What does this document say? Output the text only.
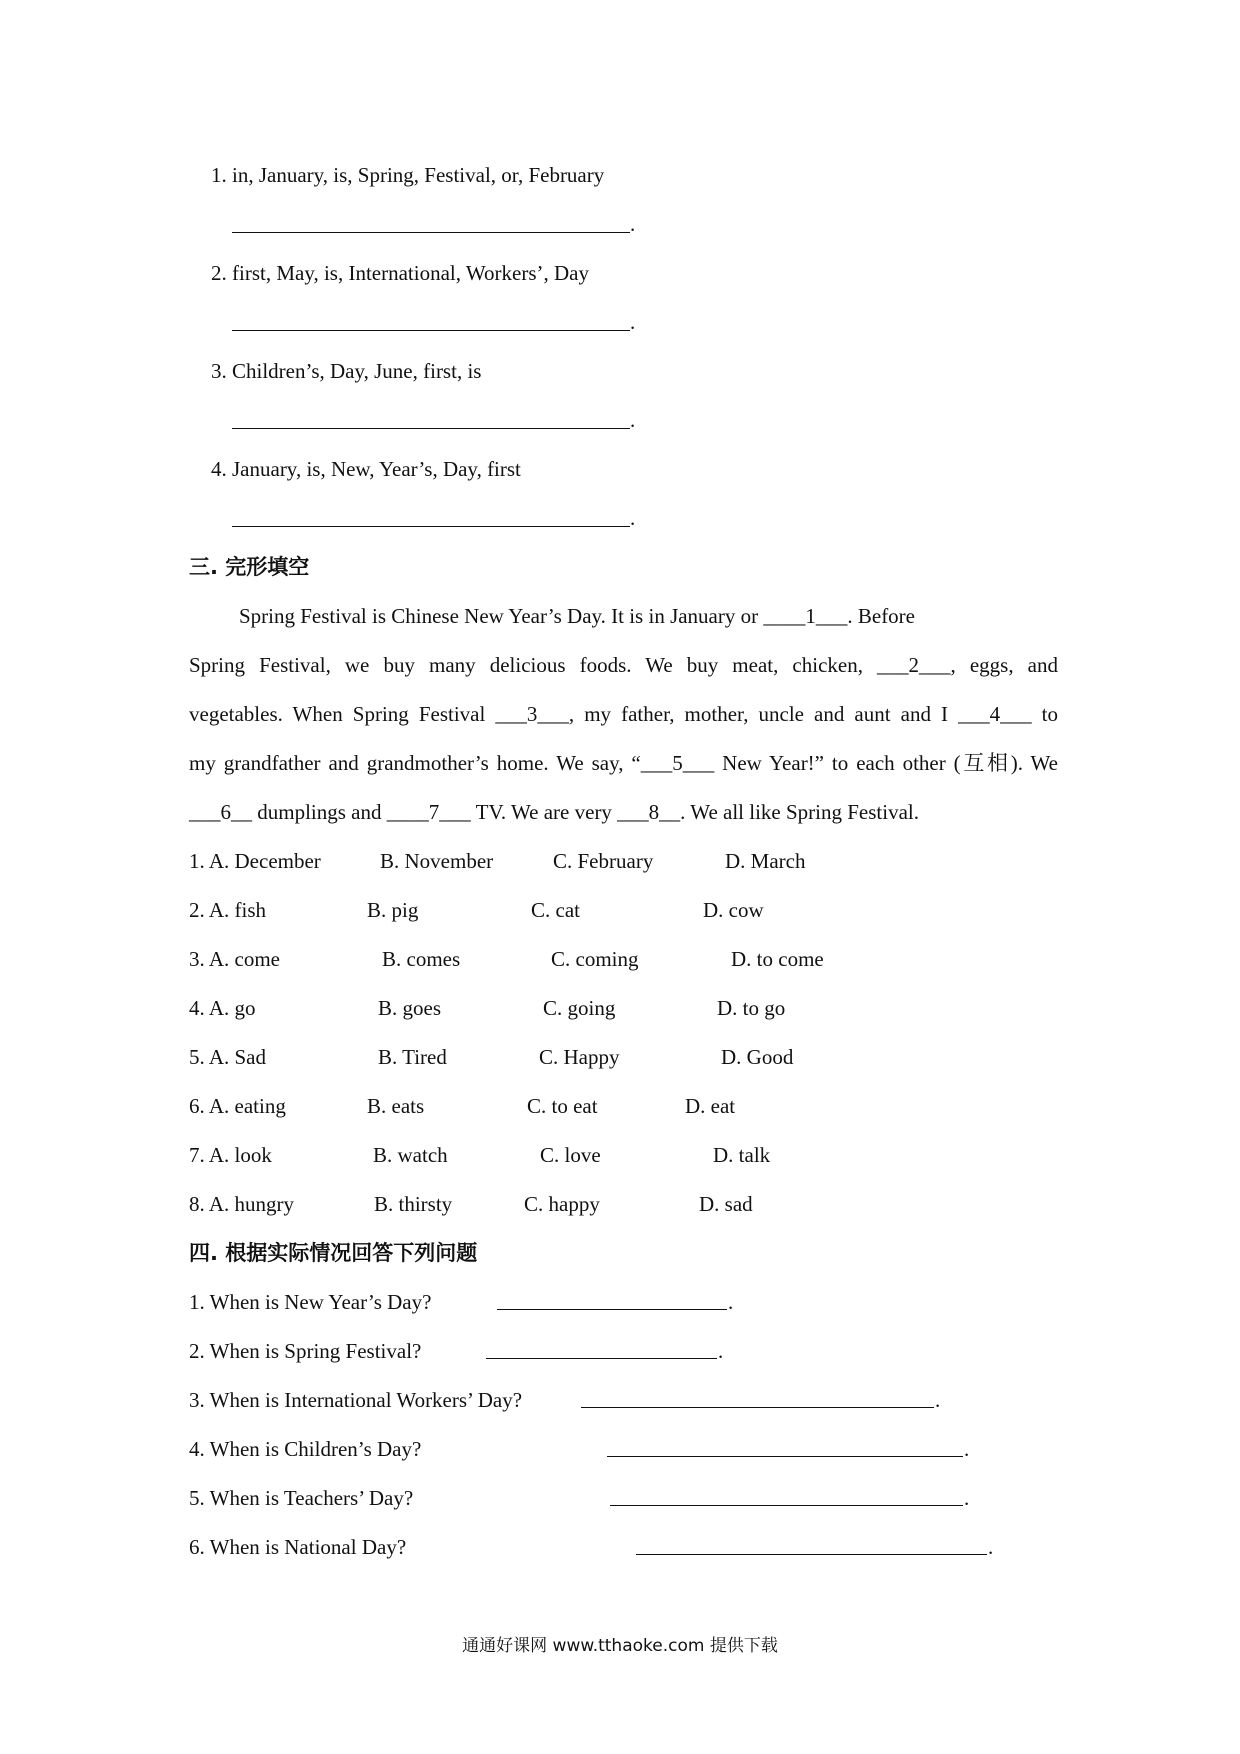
1. in, January, is, Spring, Festival, or, February
.
2. first, May, is, International, Workers’, Day
.
3. Children’s, Day, June, first, is
.
4. January, is, New, Year’s, Day, first
.
三. 完形填空
Spring Festival is Chinese New Year’s Day. It is in January or ____1___. Before
Spring Festival, we buy many delicious foods. We buy meat, chicken, ___2___, eggs, and
vegetables. When Spring Festival ___3___, my father, mother, uncle and aunt and I ___4___ to
my grandfather and grandmother’s home. We say, “___5___ New Year!” to each other (互相). We
___6__ dumplings and ____7___ TV. We are very ___8__. We all like Spring Festival.
1. A. December	B. November	C. February	D. March
2. A. fish	B. pig	C. cat	D. cow
3. A. come	B. comes	C. coming	D. to come
4. A. go	B. goes	C. going	D. to go
5. A. Sad	B. Tired	C. Happy	D. Good
6. A. eating	B. eats	C. to eat	D. eat
7. A. look	B. watch	C. love	D. talk
8. A. hungry	B. thirsty	C. happy	D. sad
四. 根据实际情况回答下列问题
1. When is New Year’s Day?	.
2. When is Spring Festival?	.
3. When is International Workers’ Day?	.
4. When is Children’s Day?	.
5. When is Teachers’ Day?	.
6. When is National Day?	.
通通好课网 www.tthaoke.com 提供下载
